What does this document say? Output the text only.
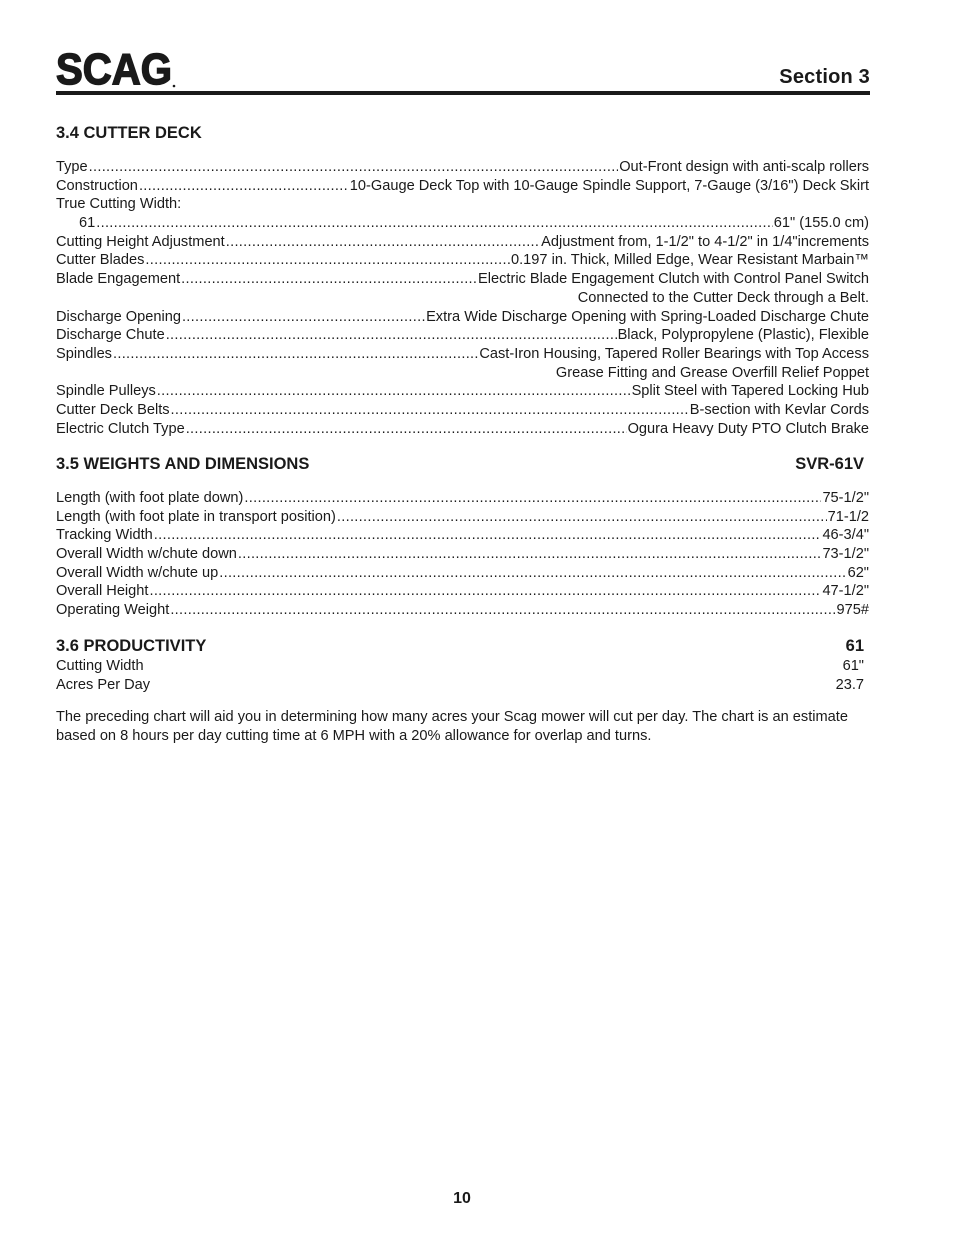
SCAG	Section 3
3.4 CUTTER DECK
Type .....	Out-Front design with anti-scalp rollers
Construction .....	10-Gauge Deck Top with 10-Gauge Spindle Support, 7-Gauge (3/16") Deck Skirt
True Cutting Width:
61 .....	61" (155.0 cm)
Cutting Height Adjustment .....	Adjustment from, 1-1/2" to 4-1/2" in 1/4"increments
Cutter Blades .....	0.197 in. Thick, Milled Edge, Wear Resistant Marbain™
Blade Engagement .....	Electric Blade Engagement Clutch with Control Panel Switch
Connected to the Cutter Deck through a Belt.
Discharge Opening .....	Extra Wide Discharge Opening with Spring-Loaded Discharge Chute
Discharge Chute .....	Black, Polypropylene (Plastic), Flexible
Spindles .....	Cast-Iron Housing, Tapered Roller Bearings with Top Access
Grease Fitting and Grease Overfill Relief Poppet
Spindle Pulleys .....	Split Steel with Tapered Locking Hub
Cutter Deck Belts .....	B-section with Kevlar Cords
Electric Clutch Type .....	Ogura Heavy Duty PTO Clutch Brake
3.5 WEIGHTS AND DIMENSIONS	SVR-61V
Length (with foot plate down) .....	75-1/2"
Length (with foot plate in transport position) .....	71-1/2
Tracking Width .....	46-3/4"
Overall Width w/chute down .....	73-1/2"
Overall Width w/chute up .....	62"
Overall Height .....	47-1/2"
Operating Weight .....	975#
3.6 PRODUCTIVITY	61
Cutting Width	61"
Acres Per Day	23.7
The preceding chart will aid you in determining how many acres your Scag mower will cut per day. The chart is an estimate based on 8 hours per day cutting time at 6 MPH with a 20% allowance for overlap and turns.
10
